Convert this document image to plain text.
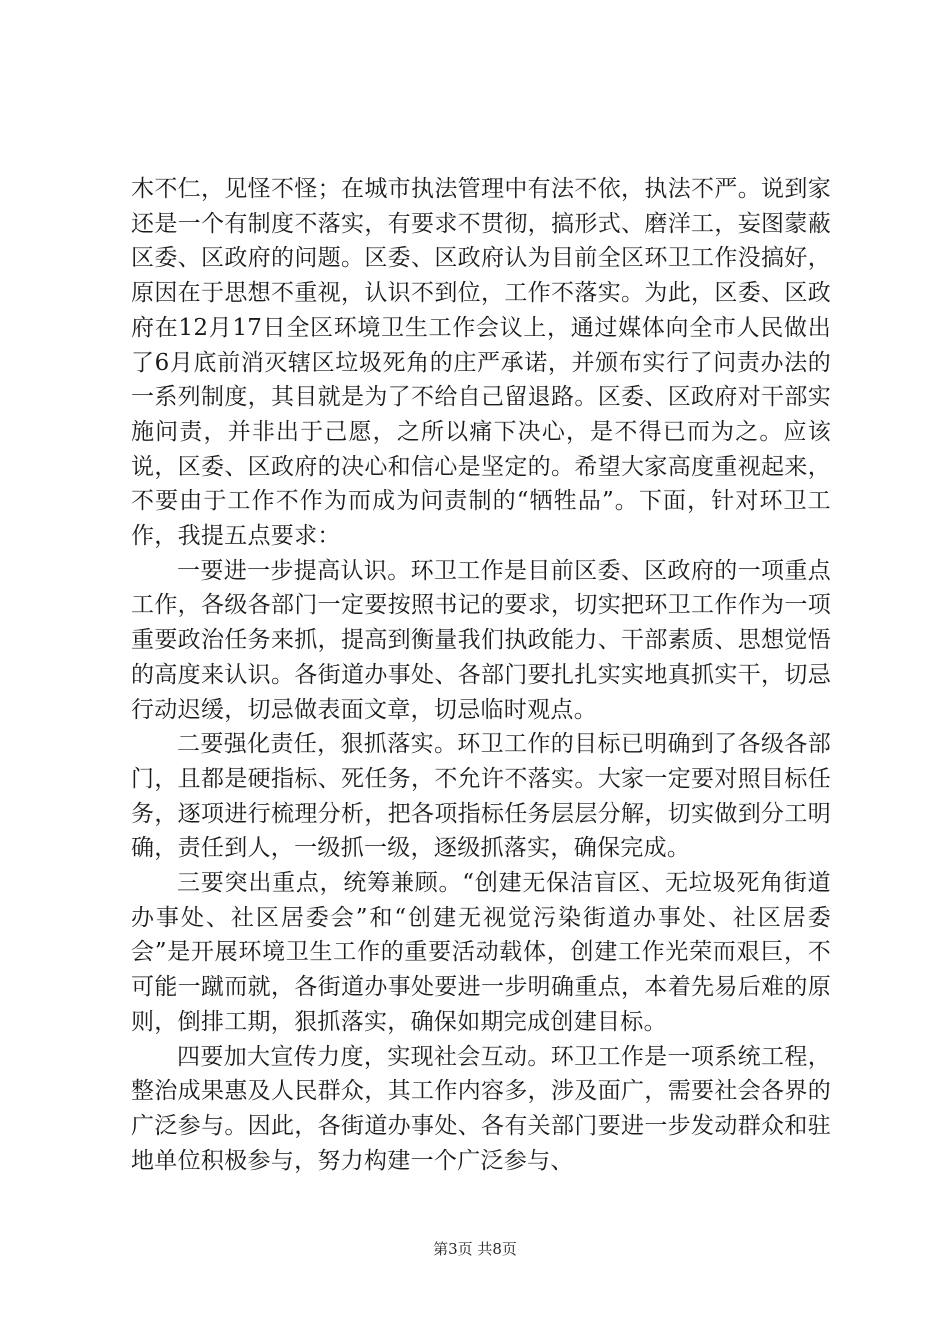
木不仁，见怪不怪；在城市执法管理中有法不依，执法不严。说到家还是一个有制度不落实，有要求不贯彻，搞形式、磨洋工，妄图蒙蔽区委、区政府的问题。区委、区政府认为目前全区环卫工作没搞好，原因在于思想不重视，认识不到位，工作不落实。为此，区委、区政府在12月17日全区环境卫生工作会议上，通过媒体向全市人民做出了6月底前消灭辖区垃圾死角的庄严承诺，并颁布实行了问责办法的一系列制度，其目就是为了不给自己留退路。区委、区政府对干部实施问责，并非出于己愿，之所以痛下决心，是不得已而为之。应该说，区委、区政府的决心和信心是坚定的。希望大家高度重视起来，不要由于工作不作为而成为问责制的“牺牲品”。下面，针对环卫工作，我提五点要求：

一要进一步提高认识。环卫工作是目前区委、区政府的一项重点工作，各级各部门一定要按照书记的要求，切实把环卫工作作为一项重要政治任务来抓，提高到衡量我们执政能力、干部素质、思想觉悟的高度来认识。各街道办事处、各部门要扎扎实实地真抓实干，切忌行动迟缓，切忌做表面文章，切忌临时观点。

二要强化责任，狠抓落实。环卫工作的目标已明确到了各级各部门，且都是硬指标、死任务，不允许不落实。大家一定要对照目标任务，逐项进行梳理分析，把各项指标任务层层分解，切实做到分工明确，责任到人，一级抓一级，逐级抓落实，确保完成。

三要突出重点，统筹兼顾。“创建无保洁盲区、无垃圾死角街道办事处、社区居委会”和“创建无视觉污染街道办事处、社区居委会”是开展环境卫生工作的重要活动载体，创建工作光荣而艰巨，不可能一蹴而就，各街道办事处要进一步明确重点，本着先易后难的原则，倒排工期，狠抓落实，确保如期完成创建目标。

四要加大宣传力度，实现社会互动。环卫工作是一项系统工程，整治成果惠及人民群众，其工作内容多，涉及面广，需要社会各界的广泛参与。因此，各街道办事处、各有关部门要进一步发动群众和驻地单位积极参与，努力构建一个广泛参与、

第3页 共8页
